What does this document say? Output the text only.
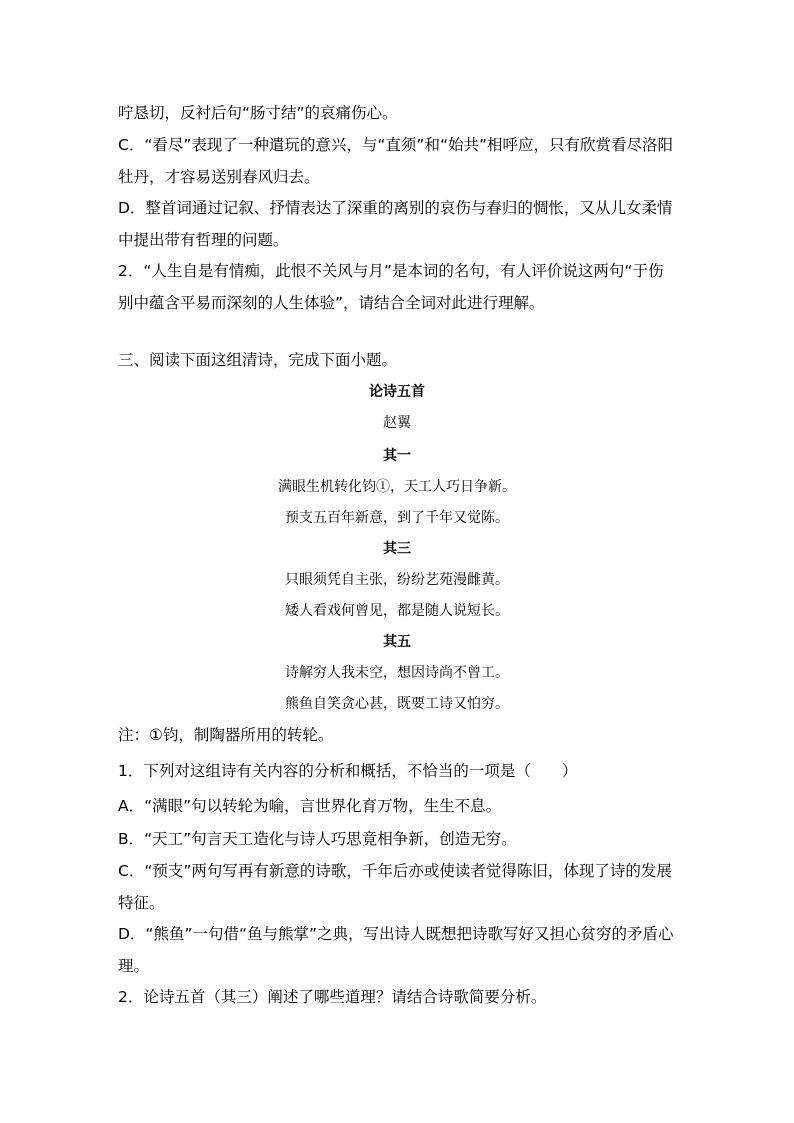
咛恳切，反衬后句“肠寸结”的哀痛伤心。

C．“看尽”表现了一种遣玩的意兴，与“直须”和“始共”相呼应，只有欣赏看尽洛阳牡丹，才容易送别春风归去。

D．整首词通过记叙、抒情表达了深重的离别的哀伤与春归的惆怅，又从儿女柔情中提出带有哲理的问题。

2．“人生自是有情痴，此恨不关风与月”是本词的名句，有人评价说这两句“于伤别中蕴含平易而深刻的人生体验”，请结合全词对此进行理解。

三、阅读下面这组清诗，完成下面小题。

论诗五首

赵翼

其一

满眼生机转化钧①，天工人巧日争新。

预支五百年新意，到了千年又觉陈。

其三

只眼须凭自主张，纷纷艺苑漫雌黄。

矮人看戏何曾见，都是随人说短长。

其五

诗解穷人我未空，想因诗尚不曾工。

熊鱼自笑贪心甚，既要工诗又怕穷。

注：①钧，制陶器所用的转轮。

1．下列对这组诗有关内容的分析和概括，不恰当的一项是（　　）

A．“满眼”句以转轮为喻，言世界化育万物，生生不息。

B．“天工”句言天工造化与诗人巧思竟相争新，创造无穷。

C．“预支”两句写再有新意的诗歌，千年后亦或使读者觉得陈旧，体现了诗的发展特征。

D．“熊鱼”一句借“鱼与熊掌”之典，写出诗人既想把诗歌写好又担心贫穷的矛盾心理。

2．论诗五首（其三）阐述了哪些道理？请结合诗歌简要分析。
